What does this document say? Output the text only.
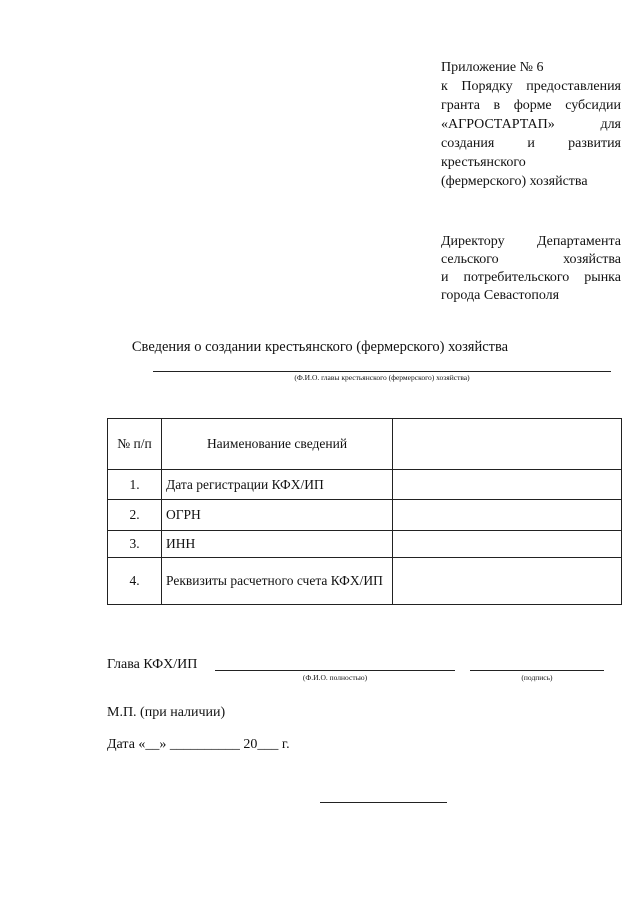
Приложение № 6
к Порядку предоставления
гранта в форме субсидии
«АГРОСТАРТАП» для
создания и развития
крестьянского
(фермерского) хозяйства
Директору Департамента
сельского хозяйства
и потребительского рынка
города Севастополя
Сведения о создании крестьянского (фермерского) хозяйства
(Ф.И.О. главы крестьянского (фермерского) хозяйства)
№ п/п	Наименование сведений	
1.	Дата регистрации КФХ/ИП	
2.	ОГРН	
3.	ИНН	
4.	Реквизиты расчетного счета КФХ/ИП	
Глава КФХ/ИП
(Ф.И.О. полностью)	(подпись)
М.П. (при наличии)
Дата «__» __________ 20___ г.
